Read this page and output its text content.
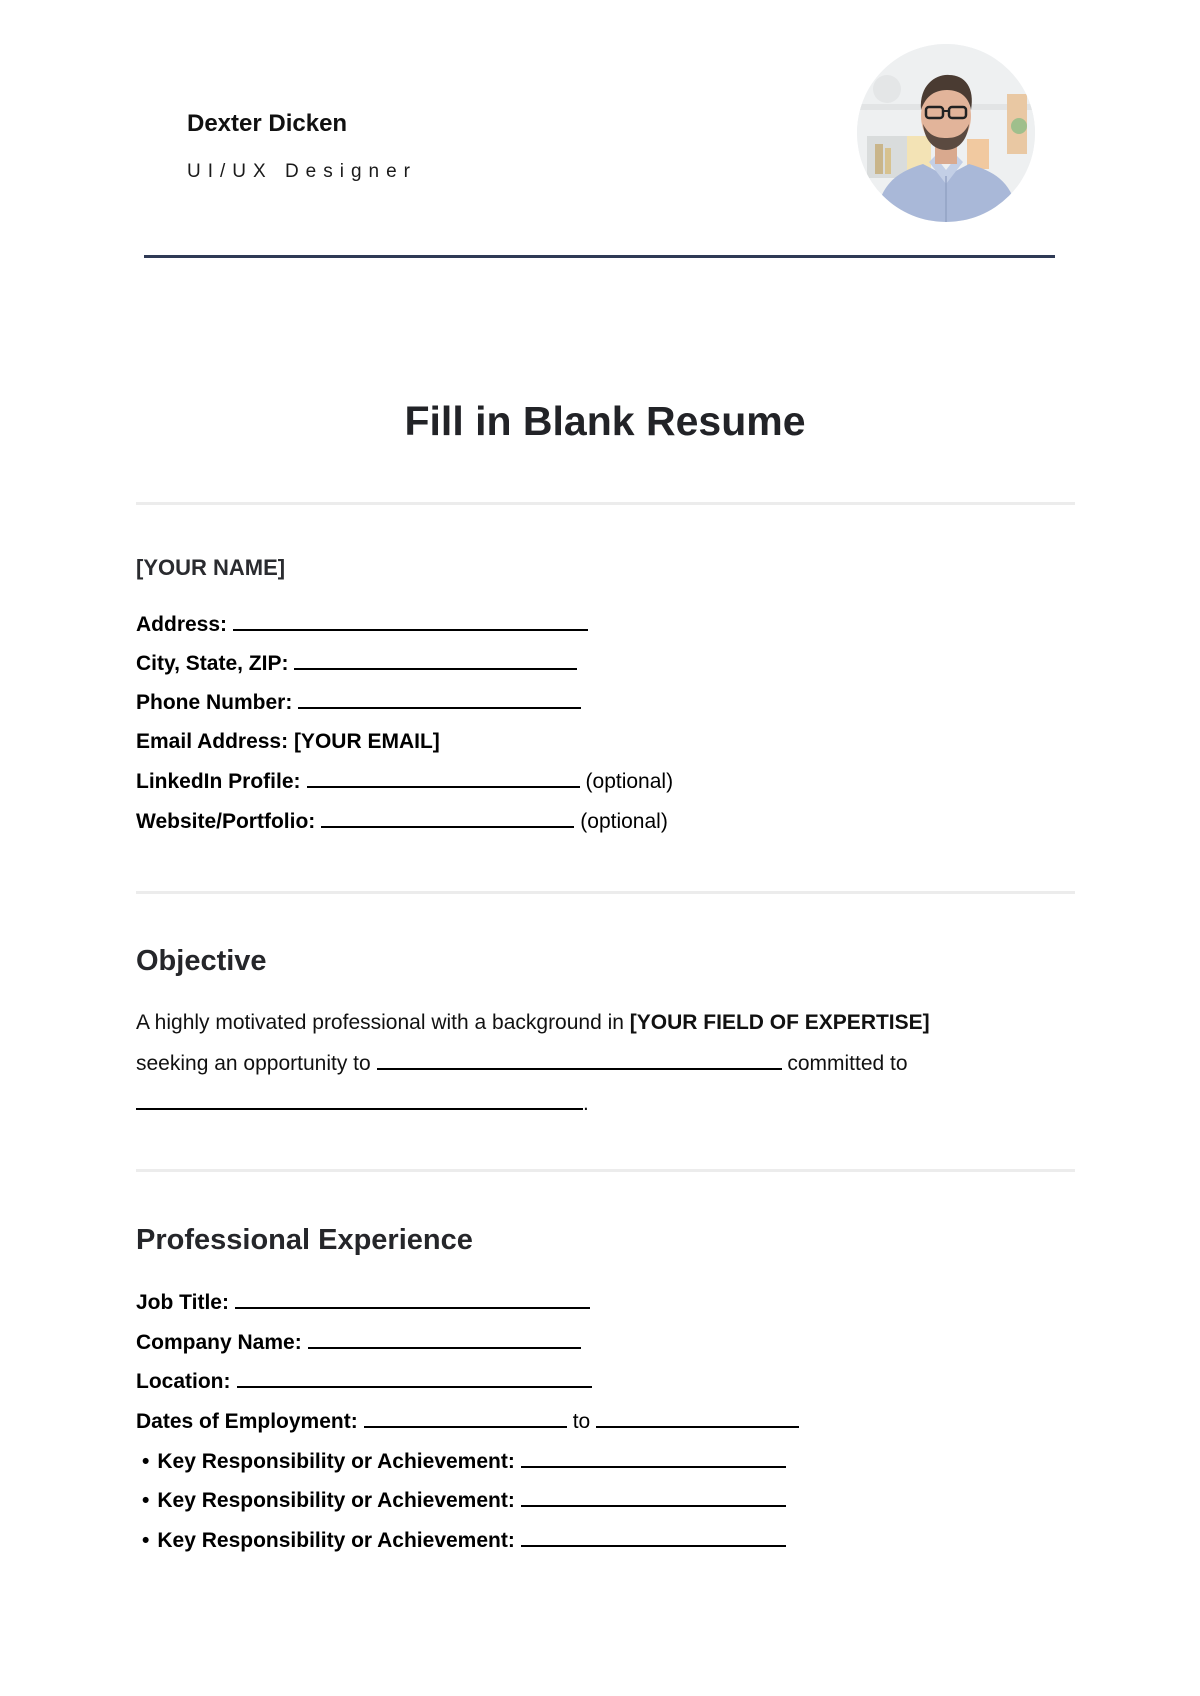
Dexter Dicken
UI/UX Designer
Fill in Blank Resume
[YOUR NAME]
Address:
City, State, ZIP:
Phone Number:
Email Address: [YOUR EMAIL]
LinkedIn Profile:	(optional)
Website/Portfolio:	(optional)
Objective
A highly motivated professional with a background in [YOUR FIELD OF EXPERTISE]
seeking an opportunity to	committed to
.
Professional Experience
Job Title:
Company Name:
Location:
Dates of Employment:	to
• Key Responsibility or Achievement:
• Key Responsibility or Achievement:
• Key Responsibility or Achievement:
